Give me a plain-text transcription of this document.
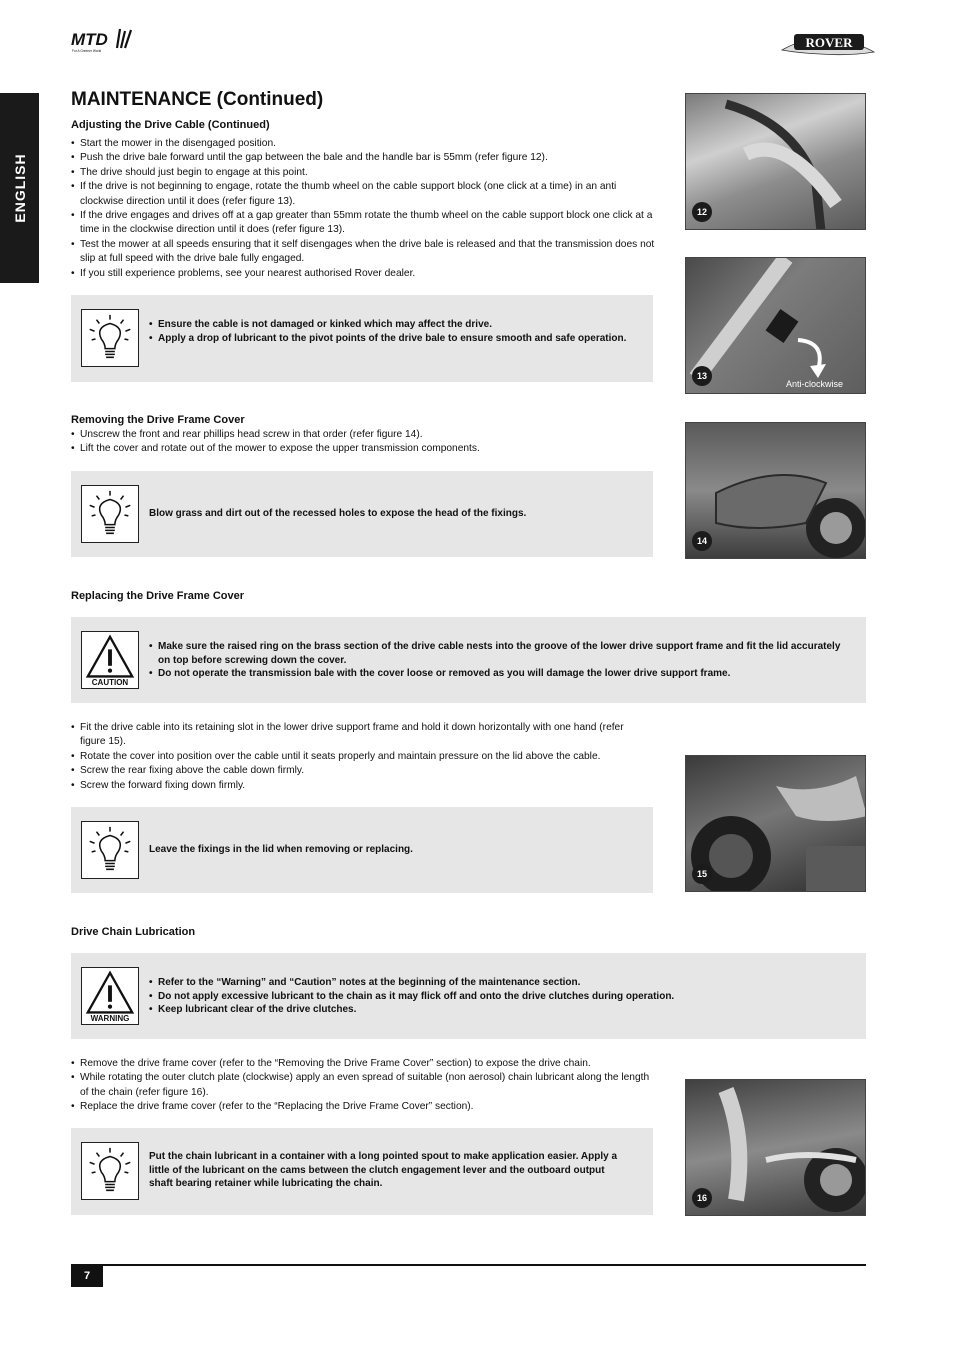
MTD
For A Greener World
ROVER
ENGLISH
MAINTENANCE (Continued)
Adjusting the Drive Cable (Continued)
• Start the mower in the disengaged position.
• Push the drive bale forward until the gap between the bale and the handle bar is 55mm (refer figure 12).
• The drive should just begin to engage at this point.
• If the drive is not beginning to engage, rotate the thumb wheel on the cable support block (one click at a time) in an anti clockwise direction until it does (refer figure 13).
• If the drive engages and drives off at a gap greater than 55mm rotate the thumb wheel on the cable support block one click at a time in the clockwise direction until it does (refer figure 13).
• Test the mower at all speeds ensuring that it self disengages when the drive bale is released and that the transmission does not slip at full speed with the drive bale fully engaged.
• If you still experience problems, see your nearest authorised Rover dealer.
• Ensure the cable is not damaged or kinked which may affect the drive.
• Apply a drop of lubricant to the pivot points of the drive bale to ensure smooth and safe operation.
Removing the Drive Frame Cover
• Unscrew the front and rear phillips head screw in that order (refer figure 14).
• Lift the cover and rotate out of the mower to expose the upper transmission components.
Blow grass and dirt out of the recessed holes to expose the head of the fixings.
Replacing the Drive Frame Cover
CAUTION
• Make sure the raised ring on the brass section of the drive cable nests into the groove of the lower drive support frame and fit the lid accurately on top before screwing down the cover.
• Do not operate the transmission bale with the cover loose or removed as you will damage the lower drive support frame.
• Fit the drive cable into its retaining slot in the lower drive support frame and hold it down horizontally with one hand (refer figure 15).
• Rotate the cover into position over the cable until it seats properly and maintain pressure on the lid above the cable.
• Screw the rear fixing above the cable down firmly.
• Screw the forward fixing down firmly.
Leave the fixings in the lid when removing or replacing.
Drive Chain Lubrication
WARNING
• Refer to the “Warning” and “Caution” notes at the beginning of the maintenance section.
• Do not apply excessive lubricant to the chain as it may flick off and onto the drive clutches during operation.
• Keep lubricant clear of the drive clutches.
• Remove the drive frame cover (refer to the “Removing the Drive Frame Cover” section) to expose the drive chain.
• While rotating the outer clutch plate (clockwise) apply an even spread of suitable (non aerosol) chain lubricant along the length of the chain (refer figure 16).
• Replace the drive frame cover (refer to the “Replacing the Drive Frame Cover” section).
Put the chain lubricant in a container with a long pointed spout to make application easier. Apply a little of the lubricant on the cams between the clutch engagement lever and the outboard output shaft bearing retainer while lubricating the chain.
12
13
Anti-clockwise
14
15
16
7
